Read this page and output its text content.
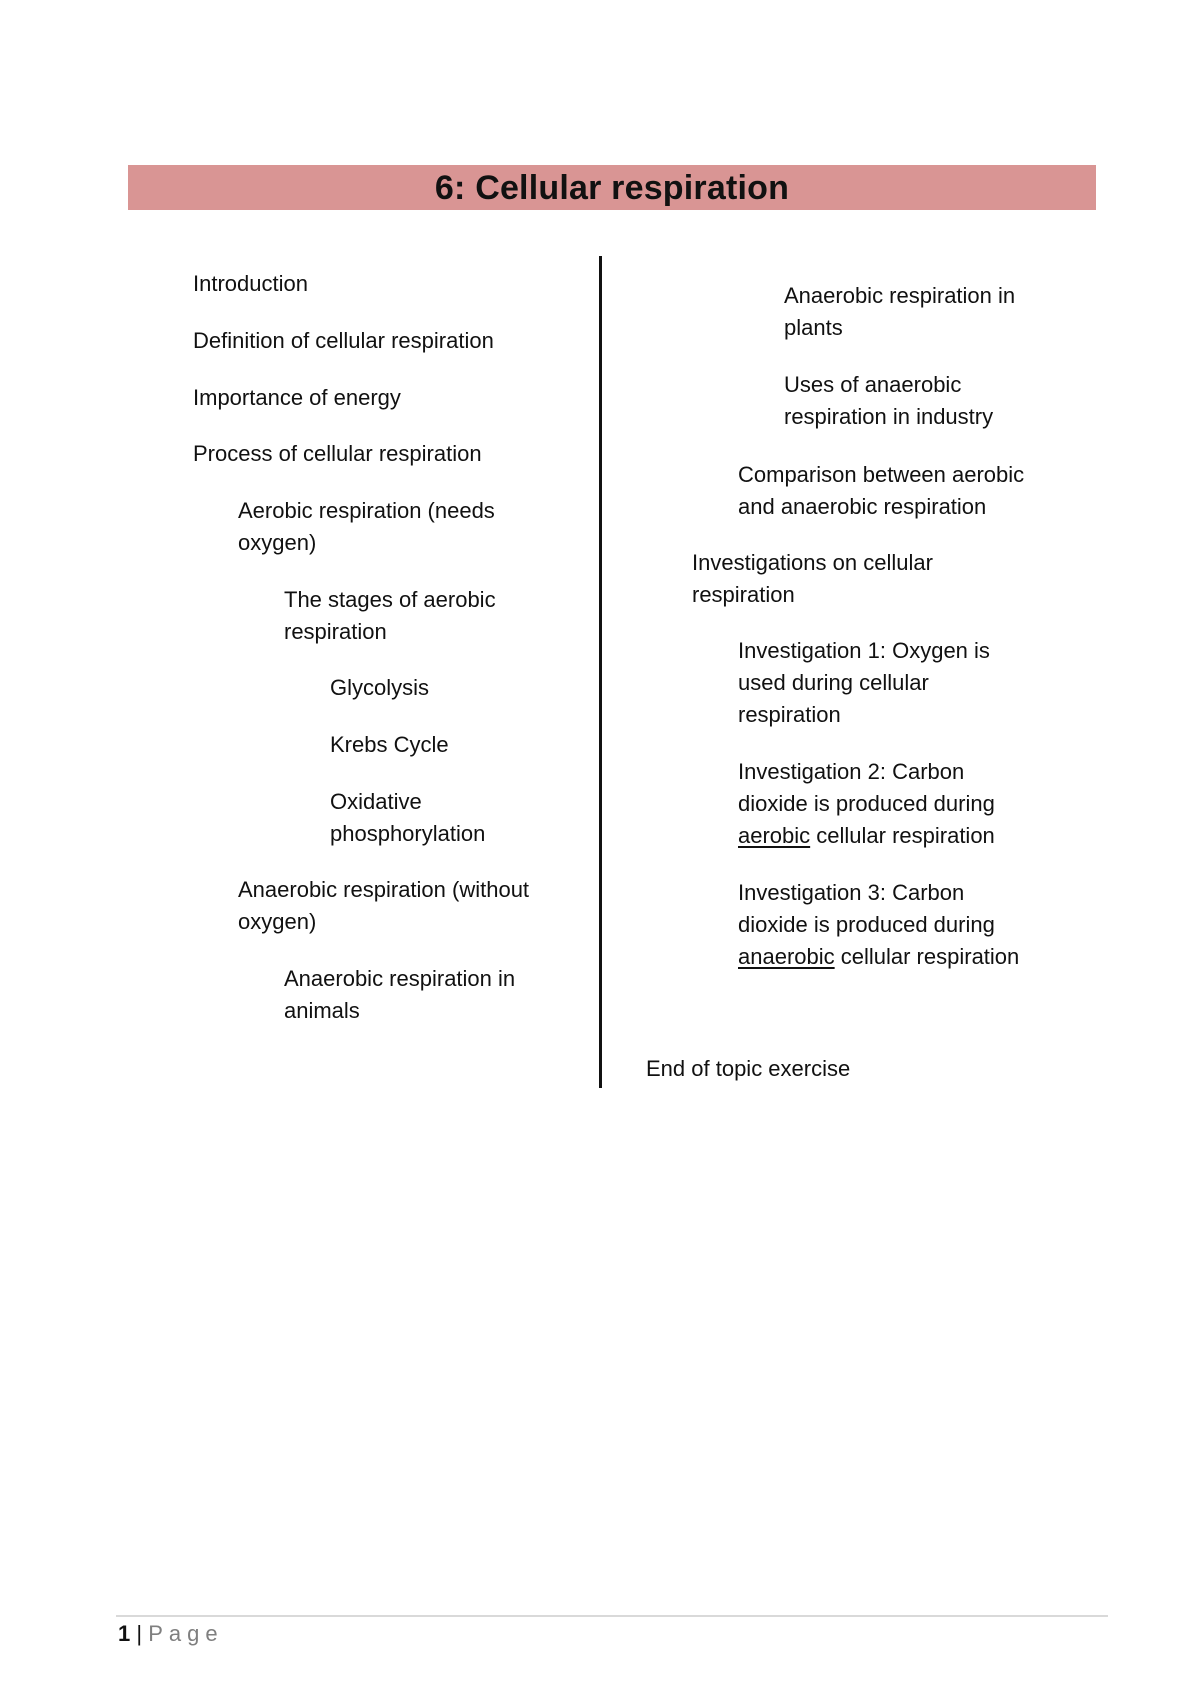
6: Cellular respiration
Introduction
Definition of cellular respiration
Importance of energy
Process of cellular respiration
Aerobic respiration (needs
oxygen)
The stages of aerobic
respiration
Glycolysis
Krebs Cycle
Oxidative
phosphorylation
Anaerobic respiration (without
oxygen)
Anaerobic respiration in
animals
Anaerobic respiration in
plants
Uses of anaerobic
respiration in industry
Comparison between aerobic
and anaerobic respiration
Investigations on cellular
respiration
Investigation 1: Oxygen is
used during cellular
respiration
Investigation 2: Carbon
dioxide is produced during
aerobic cellular respiration
Investigation 3: Carbon
dioxide is produced during
anaerobic cellular respiration
End of topic exercise
1 | Page
